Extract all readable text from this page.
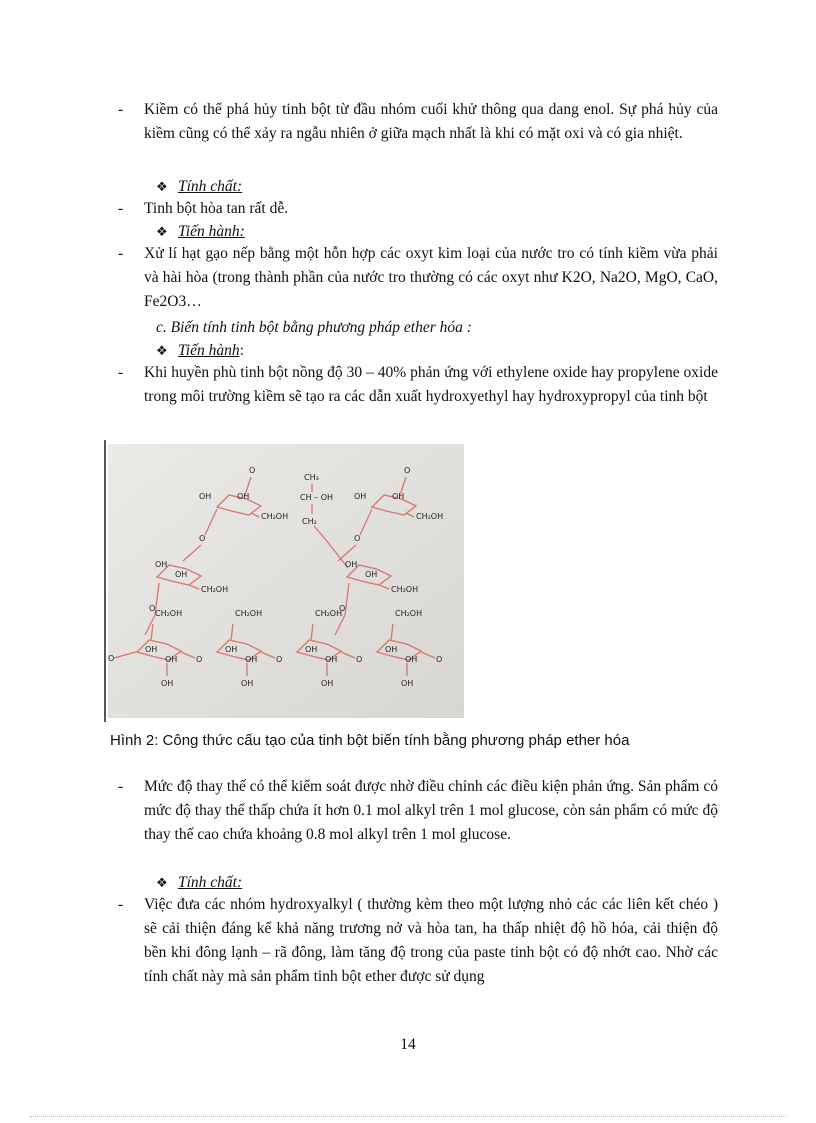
-	Kiềm có thể phá hủy tinh bột từ đầu nhóm cuối khử thông qua dang enol. Sự phá hủy của kiềm cũng có thể xảy ra ngẫu nhiên ở giữa mạch nhất là khi có mặt oxi và có gia nhiệt.
❖ Tính chất:
-	Tinh bột hòa tan rất dễ.
❖ Tiến hành:
-	Xử lí hạt gạo nếp bằng một hỗn hợp các oxyt kim loại của nước tro có tính kiềm vừa phải và hài hòa (trong thành phần của nước tro thường có các oxyt như K2O, Na2O, MgO, CaO, Fe2O3…
c. Biến tính tinh bột bằng phương pháp ether hóa :
❖ Tiến hành:
-	Khi huyền phù tinh bột nồng độ 30 – 40% phản ứng với ethylene oxide hay propylene oxide trong môi trường kiềm sẽ tạo ra các dẫn xuất hydroxyethyl hay hydroxypropyl của tinh bột
OH
OH
OH
CH₂OH
O
OH
OH
OH
CH₂OH
O
OH
OH
OH
CH₂OH
O
OH
OH
OH
CH₂OH
O
O
OH
OH
CH₂OH
O
OH
OH
CH₂OH
O
OH	OH
O
CH₂OH
O
OH	OH
O
CH₂OH
O
CH₃
CH – OH
CH₂
Hình 2: Công thức cấu tạo của tinh bột biến tính bằng phương pháp ether hóa
-	Mức độ thay thế có thể kiểm soát được nhờ điều chỉnh các điều kiện phản ứng. Sản phẩm có mức độ thay thế thấp chứa ít hơn 0.1 mol alkyl trên 1 mol glucose, còn sản phẩm có mức độ thay thế cao chứa khoảng 0.8 mol alkyl trên 1 mol glucose.
❖ Tính chất:
-	Việc đưa các nhóm hydroxyalkyl ( thường kèm theo một lượng nhỏ các các liên kết chéo ) sẽ cải thiện đáng kể khả năng trương nở và hòa tan, ha thấp nhiệt độ hồ hóa, cải thiện độ bền khi đông lạnh – rã đông, làm tăng độ trong của paste tinh bột có độ nhớt cao. Nhờ các tính chất này mà sản phẩm tinh bột ether được sử dụng
14
